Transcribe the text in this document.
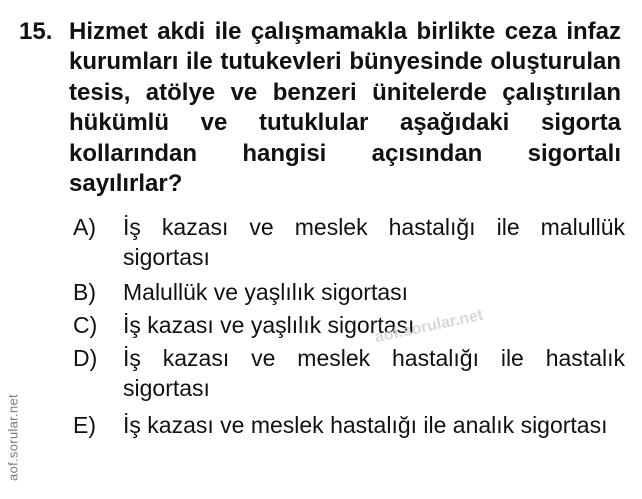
15. Hizmet akdi ile çalışmamakla birlikte ceza infaz kurumları ile tutukevleri bünyesinde oluşturulan tesis, atölye ve benzeri ünitelerde çalıştırılan hükümlü ve tutuklular aşağıdaki sigorta kollarından hangisi açısından sigortalı sayılırlar?

A) İş kazası ve meslek hastalığı ile malullük sigortası
B) Malullük ve yaşlılık sigortası
C) İş kazası ve yaşlılık sigortası
D) İş kazası ve meslek hastalığı ile hastalık sigortası
E) İş kazası ve meslek hastalığı ile analık sigortası
aof.sorular.net
aof.sorular.net
